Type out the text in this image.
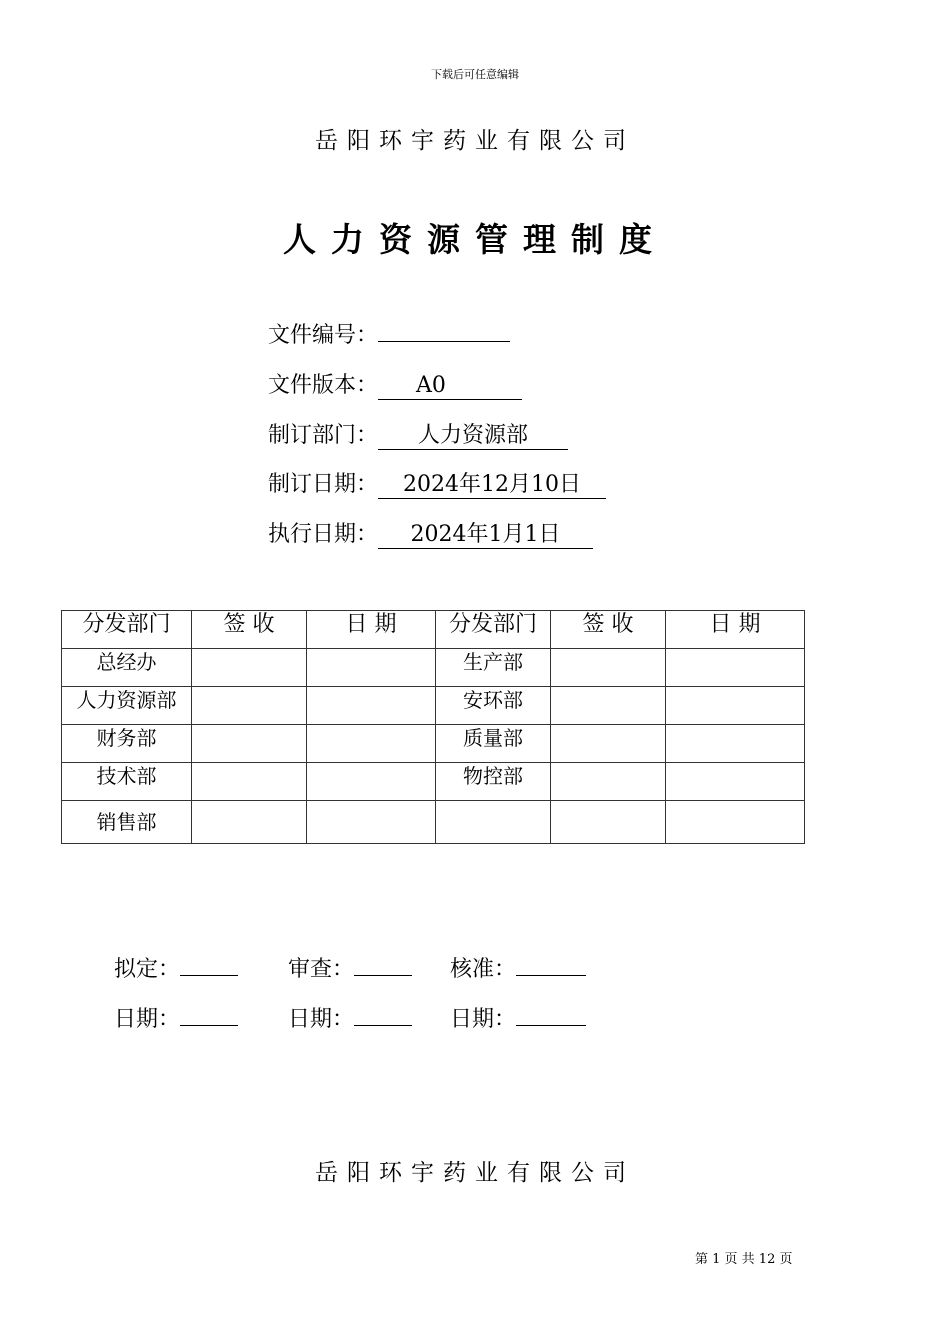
下载后可任意编辑
岳阳环宇药业有限公司
人力资源管理制度
文件编号：
文件版本： A0
制订部门： 人力资源部
制订日期： 2024年12月10日
执行日期： 2024年1月1日
分发部门	签 收	日 期	分发部门	签 收	日 期
总经办			生产部		
人力资源部			安环部		
财务部			质量部		
技术部			物控部		
销售部					
拟定：	审查：	核准：
日期：	日期：	日期：
岳阳环宇药业有限公司
第 1 页 共 12 页
